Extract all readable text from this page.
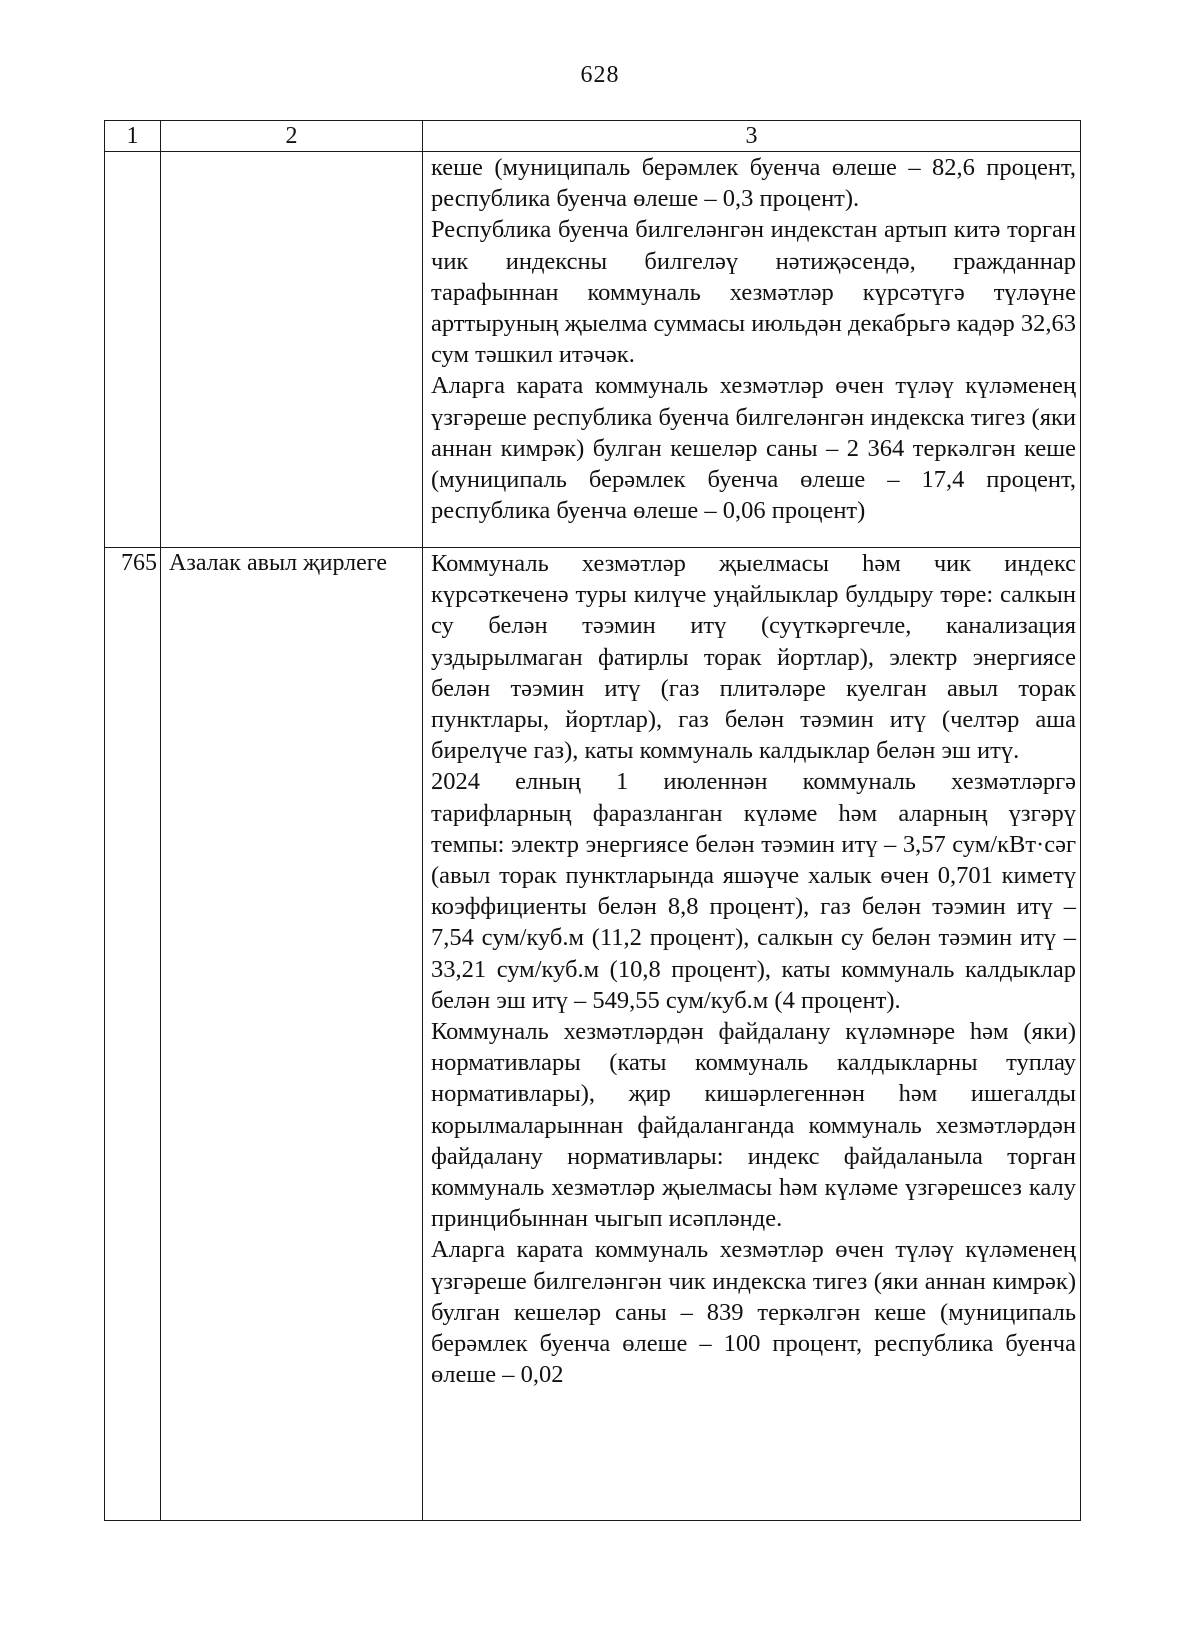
628
1	2	3

		кеше (муниципаль берәмлек буенча өлеше – 82,6 процент, республика буенча өлеше – 0,3 процент).

Республика буенча билгеләнгән индекстан артып китә торган чик индексны билгеләү нәтиҗәсендә, гражданнар тарафыннан коммуналь хезмәтләр күрсәтүгә түләүне арттыруның җыелма суммасы июльдән декабрьгә кадәр 32,63 сум тәшкил итәчәк.

Аларга карата коммуналь хезмәтләр өчен түләү күләменең үзгәреше республика буенча билгеләнгән индекска тигез (яки аннан кимрәк) булган кешеләр саны – 2 364 теркәлгән кеше (муниципаль берәмлек буенча өлеше – 17,4 процент, республика буенча өлеше – 0,06 процент)

765	Азалак авыл җирлеге	Коммуналь хезмәтләр җыелмасы һәм чик индекс күрсәткеченә туры килүче уңайлыклар булдыру төре: салкын су белән тәэмин итү (суүткәргечле, канализация уздырылмаган фатирлы торак йортлар), электр энергиясе белән тәэмин итү (газ плитәләре куелган авыл торак пунктлары, йортлар), газ белән тәэмин итү (челтәр аша бирелүче газ), каты коммуналь калдыклар белән эш итү.

2024 елның 1 июленнән коммуналь хезмәтләргә тарифларның фаразланган күләме һәм аларның үзгәрү темпы: электр энергиясе белән тәэмин итү – 3,57 сум/кВт·сәг (авыл торак пунктларында яшәүче халык өчен 0,701 киметү коэффициенты белән 8,8 процент), газ белән тәэмин итү – 7,54 сум/куб.м (11,2 процент), салкын су белән тәэмин итү – 33,21 сум/куб.м (10,8 процент), каты коммуналь калдыклар белән эш итү – 549,55 сум/куб.м (4 процент).

Коммуналь хезмәтләрдән файдалану күләмнәре һәм (яки) нормативлары (каты коммуналь калдыкларны туплау нормативлары), җир кишәрлегеннән һәм ишегалды корылмаларыннан файдаланганда коммуналь хезмәтләрдән файдалану нормативлары: индекс файдаланыла торган коммуналь хезмәтләр җыелмасы һәм күләме үзгәрешсез калу принцибыннан чыгып исәпләнде.

Аларга карата коммуналь хезмәтләр өчен түләү күләменең үзгәреше билгеләнгән чик индекска тигез (яки аннан кимрәк) булган кешеләр саны – 839 теркәлгән кеше (муниципаль берәмлек буенча өлеше – 100 процент, республика буенча өлеше – 0,02
